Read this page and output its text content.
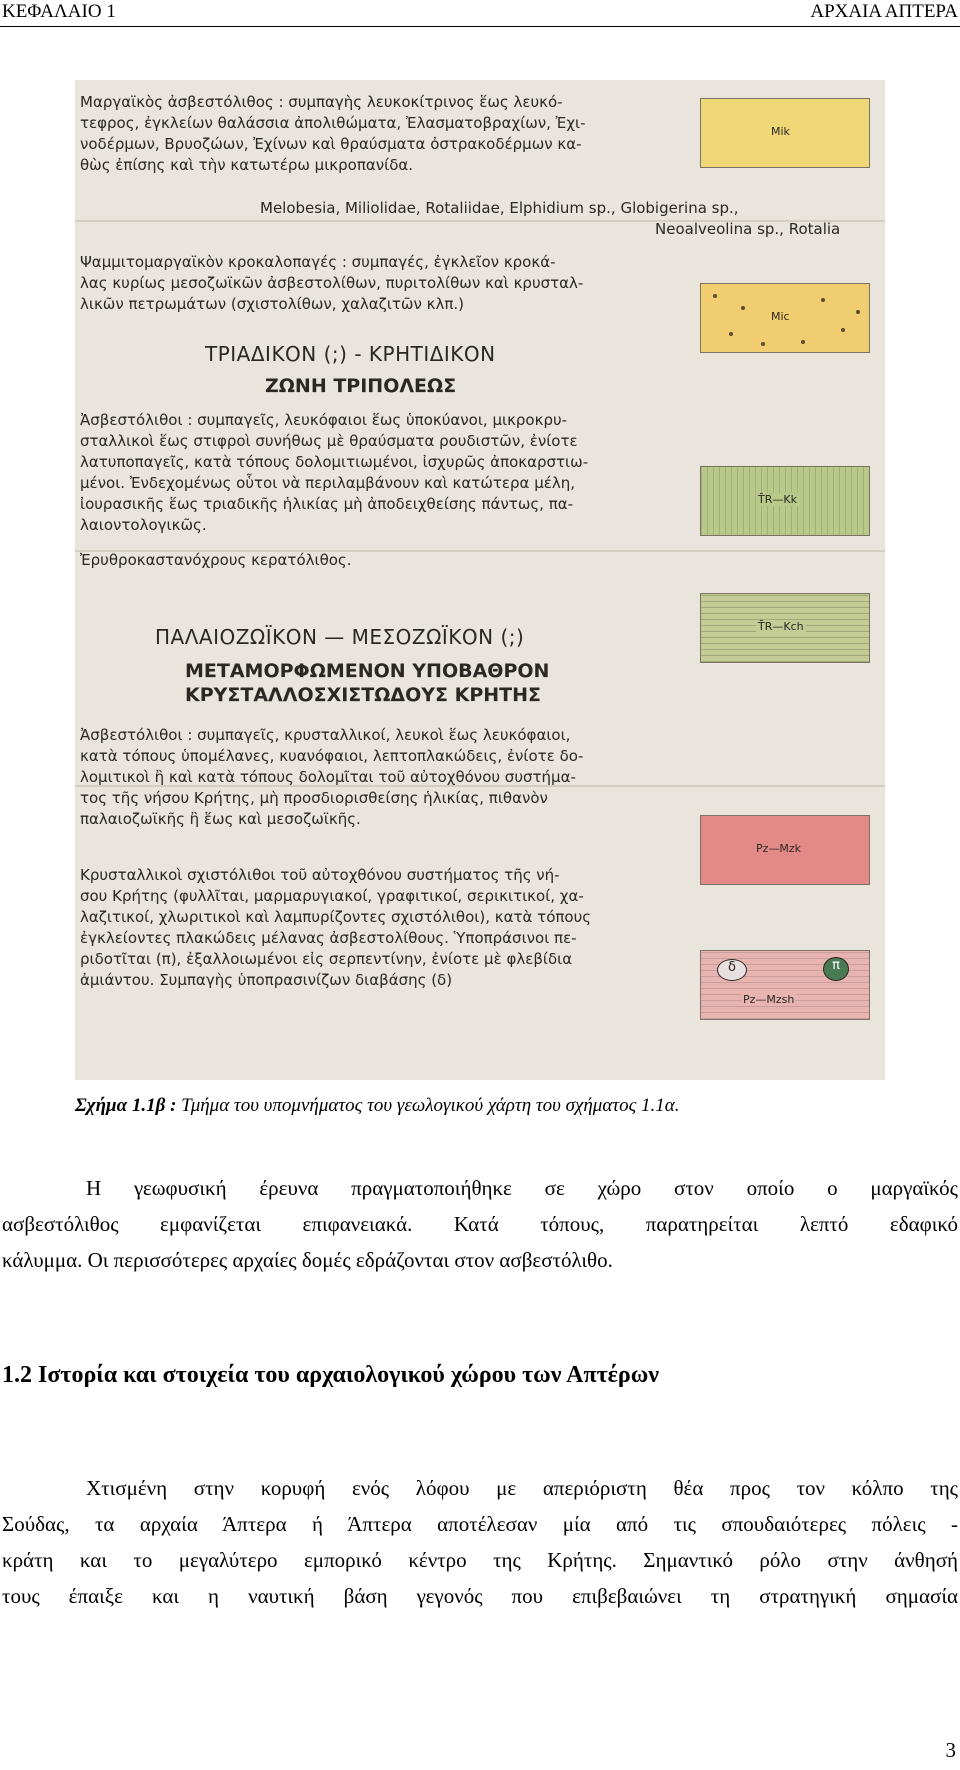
ΚΕΦΑΛΑΙΟ 1	ΑΡΧΑΙΑ ΑΠΤΕΡΑ
Μαργαϊκὸς ἀσβεστόλιθος : συμπαγὴς λευκοκίτρινος ἕως λευκό-
τεφρος, ἐγκλείων θαλάσσια ἀπολιθώματα, Ἐλασματοβραχίων, Ἐχι-
νοδέρμων, Βρυοζώων, Ἐχίνων καὶ θραύσματα ὀστρακοδέρμων κα-
θὼς ἐπίσης καὶ τὴν κατωτέρω μικροπανίδα.
Melobesia, Miliolidae, Rotaliidae, Elphidium sp., Globigerina sp.,
Neoalveolina sp., Rotalia
Ψαμμιτομαργαϊκὸν κροκαλοπαγές : συμπαγές, ἐγκλεῖον κροκά-
λας κυρίως μεσοζωϊκῶν ἀσβεστολίθων, πυριτολίθων καὶ κρυσταλ-
λικῶν πετρωμάτων (σχιστολίθων, χαλαζιτῶν κλπ.)
ΤΡΙΑΔΙΚΟΝ (;) - ΚΡΗΤΙΔΙΚΟΝ
ΖΩΝΗ ΤΡΙΠΟΛΕΩΣ
Ἀσβεστόλιθοι : συμπαγεῖς, λευκόφαιοι ἕως ὑποκύανοι, μικροκρυ-
σταλλικοὶ ἕως στιφροὶ συνήθως μὲ θραύσματα ρουδιστῶν, ἐνίοτε
λατυποπαγεῖς, κατὰ τόπους δολομιτιωμένοι, ἰσχυρῶς ἀποκαρστιω-
μένοι. Ἐνδεχομένως οὗτοι νὰ περιλαμβάνουν καὶ κατώτερα μέλη,
ἰουρασικῆς ἕως τριαδικῆς ἡλικίας μὴ ἀποδειχθείσης πάντως, πα-
λαιοντολογικῶς.
Ἐρυθροκαστανόχρους κερατόλιθος.
ΠΑΛΑΙΟΖΩΪΚΟΝ — ΜΕΣΟΖΩΪΚΟΝ (;)
ΜΕΤΑΜΟΡΦΩΜΕΝΟΝ ΥΠΟΒΑΘΡΟΝ
ΚΡΥΣΤΑΛΛΟΣΧΙΣΤΩΔΟΥΣ ΚΡΗΤΗΣ
Ἀσβεστόλιθοι : συμπαγεῖς, κρυσταλλικοί, λευκοὶ ἕως λευκόφαιοι,
κατὰ τόπους ὑπομέλανες, κυανόφαιοι, λεπτοπλακώδεις, ἐνίοτε δο-
λομιτικοὶ ἢ καὶ κατὰ τόπους δολομῖται τοῦ αὐτοχθόνου συστήμα-
τος τῆς νήσου Κρήτης, μὴ προσδιορισθείσης ἡλικίας, πιθανὸν
παλαιοζωϊκῆς ἢ ἕως καὶ μεσοζωϊκῆς.
Κρυσταλλικοὶ σχιστόλιθοι τοῦ αὐτοχθόνου συστήματος τῆς νή-
σου Κρήτης (φυλλῖται, μαρμαρυγιακοί, γραφιτικοί, σερικιτικοί, χα-
λαζιτικοί, χλωριτικοὶ καὶ λαμπυρίζοντες σχιστόλιθοι), κατὰ τόπους
ἐγκλείοντες πλακώδεις μέλανας ἀσβεστολίθους. Ὑποπράσινοι πε-
ριδοτῖται (π), ἐξαλλοιωμένοι εἰς σερπεντίνην, ἐνίοτε μὲ φλεβίδια
ἀμιάντου. Συμπαγὴς ὑποπρασινίζων διαβάσης (δ)
Mik
Mic
T̄R—Kk
T̄R—Kch
Pz—Mzk
δ	π
Pz—Mzsh
Σχήμα 1.1β : Τμήμα του υπομνήματος του γεωλογικού χάρτη του σχήματος 1.1α.
Η γεωφυσική έρευνα πραγματοποιήθηκε σε χώρο στον οποίο ο μαργαϊκός
ασβεστόλιθος εμφανίζεται επιφανειακά. Κατά τόπους, παρατηρείται λεπτό εδαφικό
κάλυμμα. Οι περισσότερες αρχαίες δομές εδράζονται στον ασβεστόλιθο.
1.2 Ιστορία και στοιχεία του αρχαιολογικού χώρου των Απτέρων
Χτισμένη στην κορυφή ενός λόφου με απεριόριστη θέα προς τον κόλπο της
Σούδας, τα αρχαία Άπτερα ή Άπτερα αποτέλεσαν μία από τις σπουδαιότερες πόλεις -
κράτη και το μεγαλύτερο εμπορικό κέντρο της Κρήτης. Σημαντικό ρόλο στην άνθησή
τους έπαιξε και η ναυτική βάση γεγονός που επιβεβαιώνει τη στρατηγική σημασία
3
